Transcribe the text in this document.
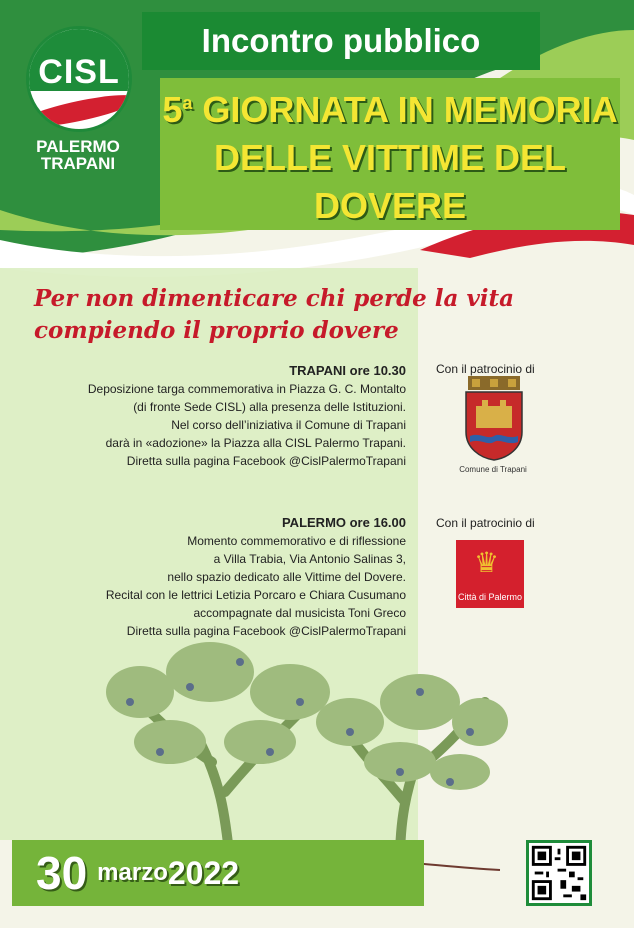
CISL
PALERMO
TRAPANI
Incontro pubblico
5$^a$ GIORNATA IN MEMORIA
DELLE VITTIME DEL DOVERE
Per non dimenticare chi perde la vita
compiendo il proprio dovere
TRAPANI ore 10.30
Deposizione targa commemorativa in Piazza G. C. Montalto
(di fronte Sede CISL) alla presenza delle Istituzioni.
Nel corso dell’iniziativa il Comune di Trapani
darà in «adozione» la Piazza alla CISL Palermo Trapani.
Diretta sulla pagina Facebook @CislPalermoTrapani
Con il patrocinio di
Comune di Trapani
PALERMO ore 16.00
Momento commemorativo e di riflessione
a Villa Trabia, Via Antonio Salinas 3,
nello spazio dedicato alle Vittime del Dovere.
Recital con le lettrici Letizia Porcaro e Chiara Cusumano
accompagnate dal musicista Toni Greco
Diretta sulla pagina Facebook @CislPalermoTrapani
Con il patrocinio di
♛
Città di Palermo
30 marzo 2022
